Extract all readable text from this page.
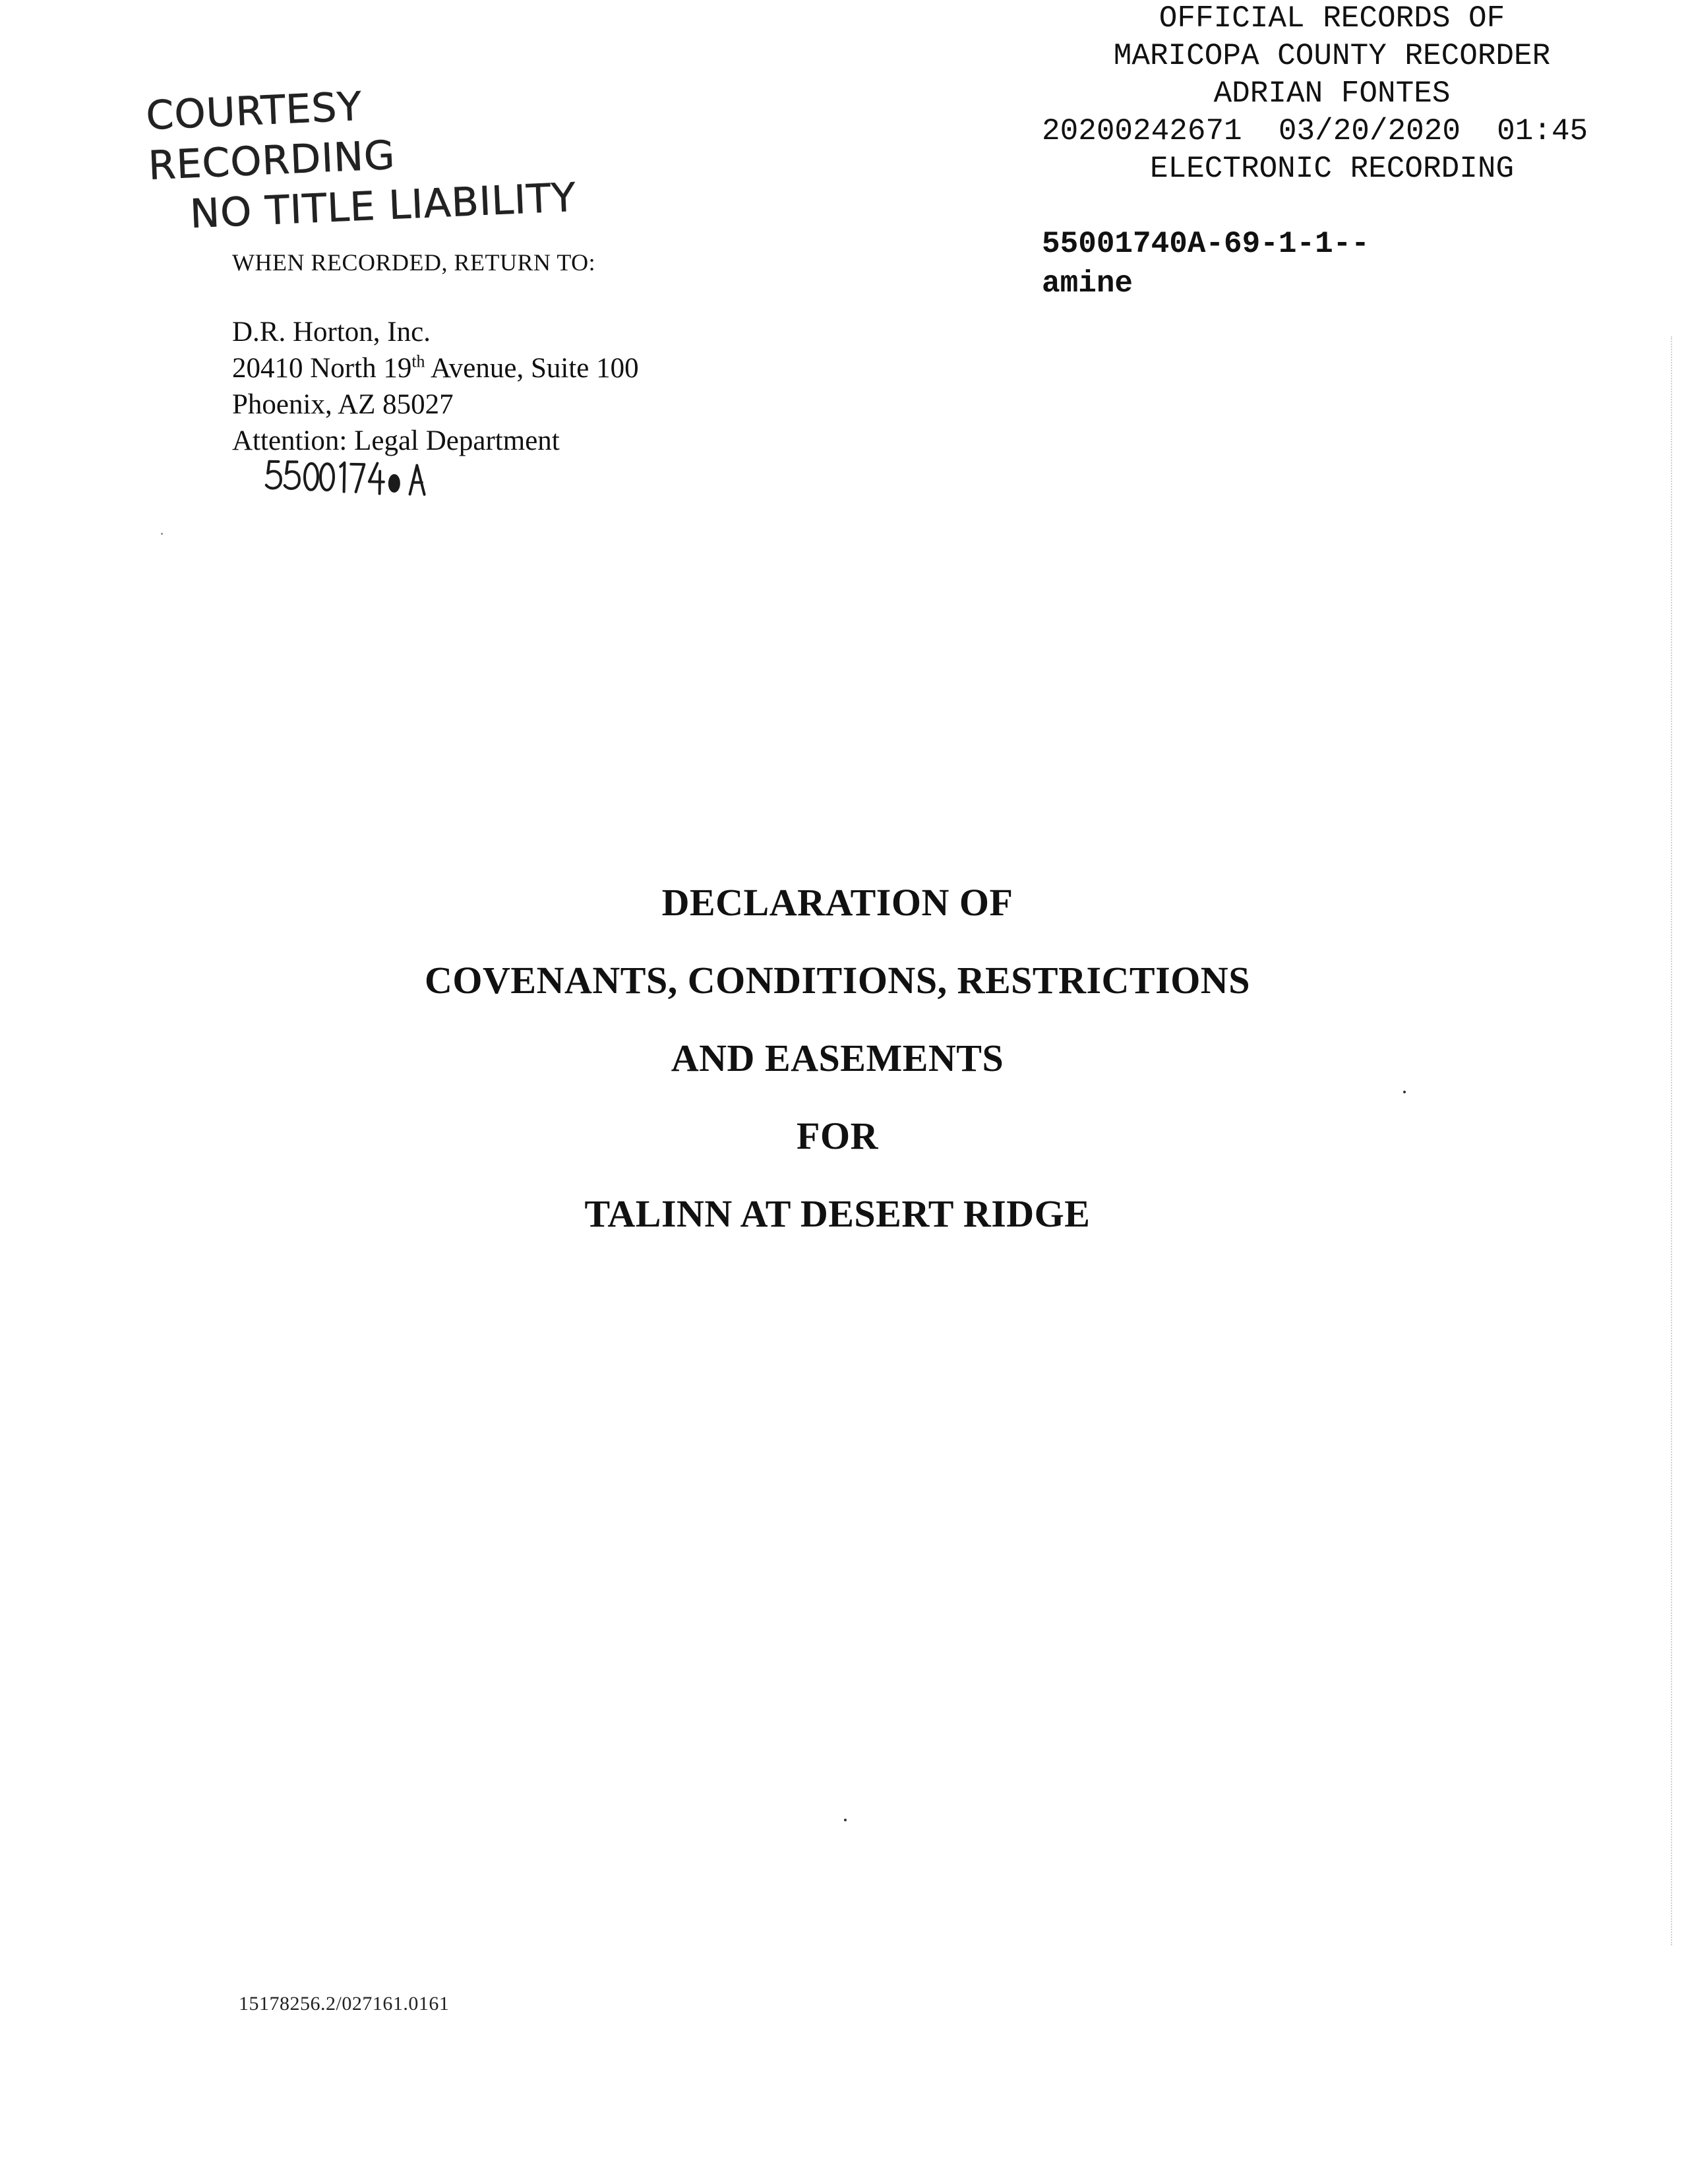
OFFICIAL RECORDS OF
MARICOPA COUNTY RECORDER
ADRIAN FONTES
20200242671 03/20/2020 01:45
ELECTRONIC RECORDING
55001740A-69-1-1--
amine
COURTESY RECORDING
NO TITLE LIABILITY
WHEN RECORDED, RETURN TO:
D.R. Horton, Inc.
20410 North 19th Avenue, Suite 100
Phoenix, AZ 85027
Attention: Legal Department
DECLARATION OF
COVENANTS, CONDITIONS, RESTRICTIONS
AND EASEMENTS
FOR
TALINN AT DESERT RIDGE
15178256.2/027161.0161
